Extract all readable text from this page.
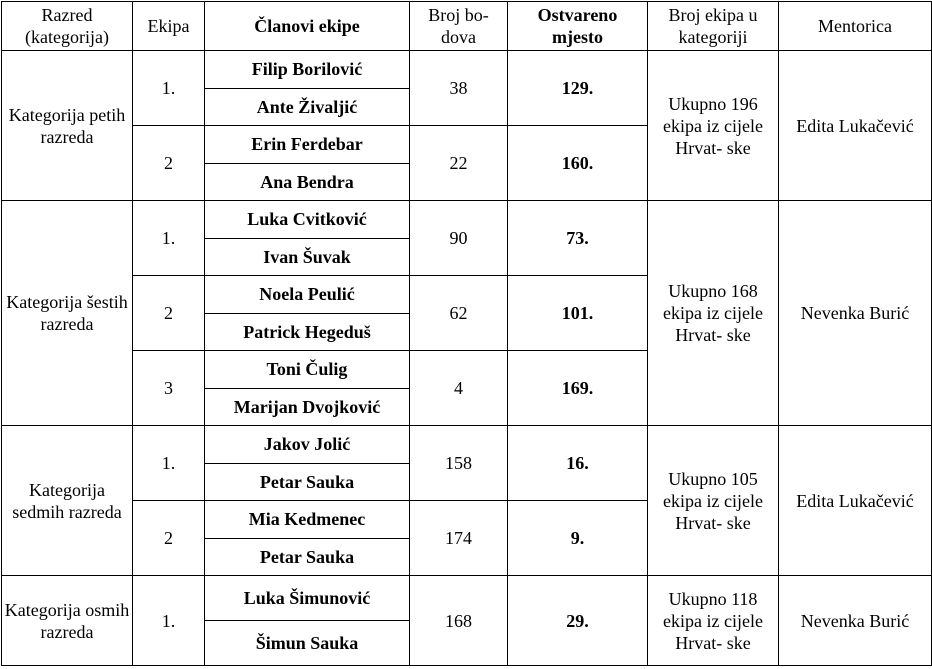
Razred (kategorija)	Ekipa	Članovi ekipe	Broj bo- dova	Ostvareno mjesto	Broj ekipa u kategoriji	Mentorica
Kategorija petih razreda	1.	Filip Borilović	38	129.	Ukupno 196 ekipa iz cijele Hrvat- ske	Edita Lukačević
		Ante Živaljić				
	2	Erin Ferdebar	22	160.		
		Ana Bendra				
Kategorija šestih razreda	1.	Luka Cvitković	90	73.	Ukupno 168 ekipa iz cijele Hrvat- ske	Nevenka Burić
		Ivan Šuvak				
	2	Noela Peulić	62	101.		
		Patrick Hegeduš				
	3	Toni Čulig	4	169.		
		Marijan Dvojković				
Kategorija sedmih razreda	1.	Jakov Jolić	158	16.	Ukupno 105 ekipa iz cijele Hrvat- ske	Edita Lukačević
		Petar Sauka				
	2	Mia Kedmenec	174	9.		
		Petar Sauka				
Kategorija osmih razreda	1.	Luka Šimunović	168	29.	Ukupno 118 ekipa iz cijele Hrvat- ske	Nevenka Burić
		Šimun Sauka				
